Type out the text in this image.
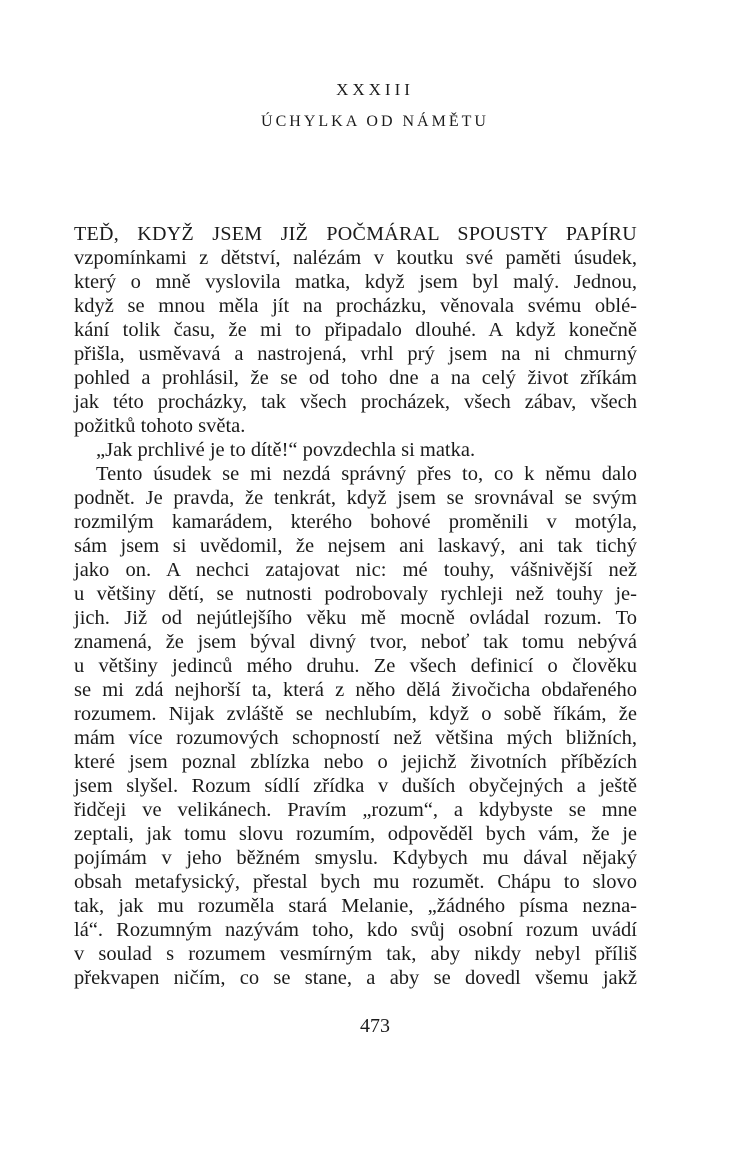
XXXIII
ÚCHYLKA OD NÁMĚTU
TEĎ, KDYŽ JSEM JIŽ POČMÁRAL SPOUSTY PAPÍRU
vzpomínkami z dětství, nalézám v koutku své paměti úsudek,
který o mně vyslovila matka, když jsem byl malý. Jednou,
když se mnou měla jít na procházku, věnovala svému oblé-
kání tolik času, že mi to připadalo dlouhé. A když konečně
přišla, usměvavá a nastrojená, vrhl prý jsem na ni chmurný
pohled a prohlásil, že se od toho dne a na celý život zříkám
jak této procházky, tak všech procházek, všech zábav, všech
požitků tohoto světa.
„Jak prchlivé je to dítě!“ povzdechla si matka.
Tento úsudek se mi nezdá správný přes to, co k němu dalo
podnět. Je pravda, že tenkrát, když jsem se srovnával se svým
rozmilým kamarádem, kterého bohové proměnili v motýla,
sám jsem si uvědomil, že nejsem ani laskavý, ani tak tichý
jako on. A nechci zatajovat nic: mé touhy, vášnivější než
u většiny dětí, se nutnosti podrobovaly rychleji než touhy je-
jich. Již od nejútlejšího věku mě mocně ovládal rozum. To
znamená, že jsem býval divný tvor, neboť tak tomu nebývá
u většiny jedinců mého druhu. Ze všech definicí o člověku
se mi zdá nejhorší ta, která z něho dělá živočicha obdařeného
rozumem. Nijak zvláště se nechlubím, když o sobě říkám, že
mám více rozumových schopností než většina mých bližních,
které jsem poznal zblízka nebo o jejichž životních příbězích
jsem slyšel. Rozum sídlí zřídka v duších obyčejných a ještě
řidčeji ve velikánech. Pravím „rozum“, a kdybyste se mne
zeptali, jak tomu slovu rozumím, odpověděl bych vám, že je
pojímám v jeho běžném smyslu. Kdybych mu dával nějaký
obsah metafysický, přestal bych mu rozumět. Chápu to slovo
tak, jak mu rozuměla stará Melanie, „žádného písma nezna-
lá“. Rozumným nazývám toho, kdo svůj osobní rozum uvádí
v soulad s rozumem vesmírným tak, aby nikdy nebyl příliš
překvapen ničím, co se stane, a aby se dovedl všemu jakž
473
